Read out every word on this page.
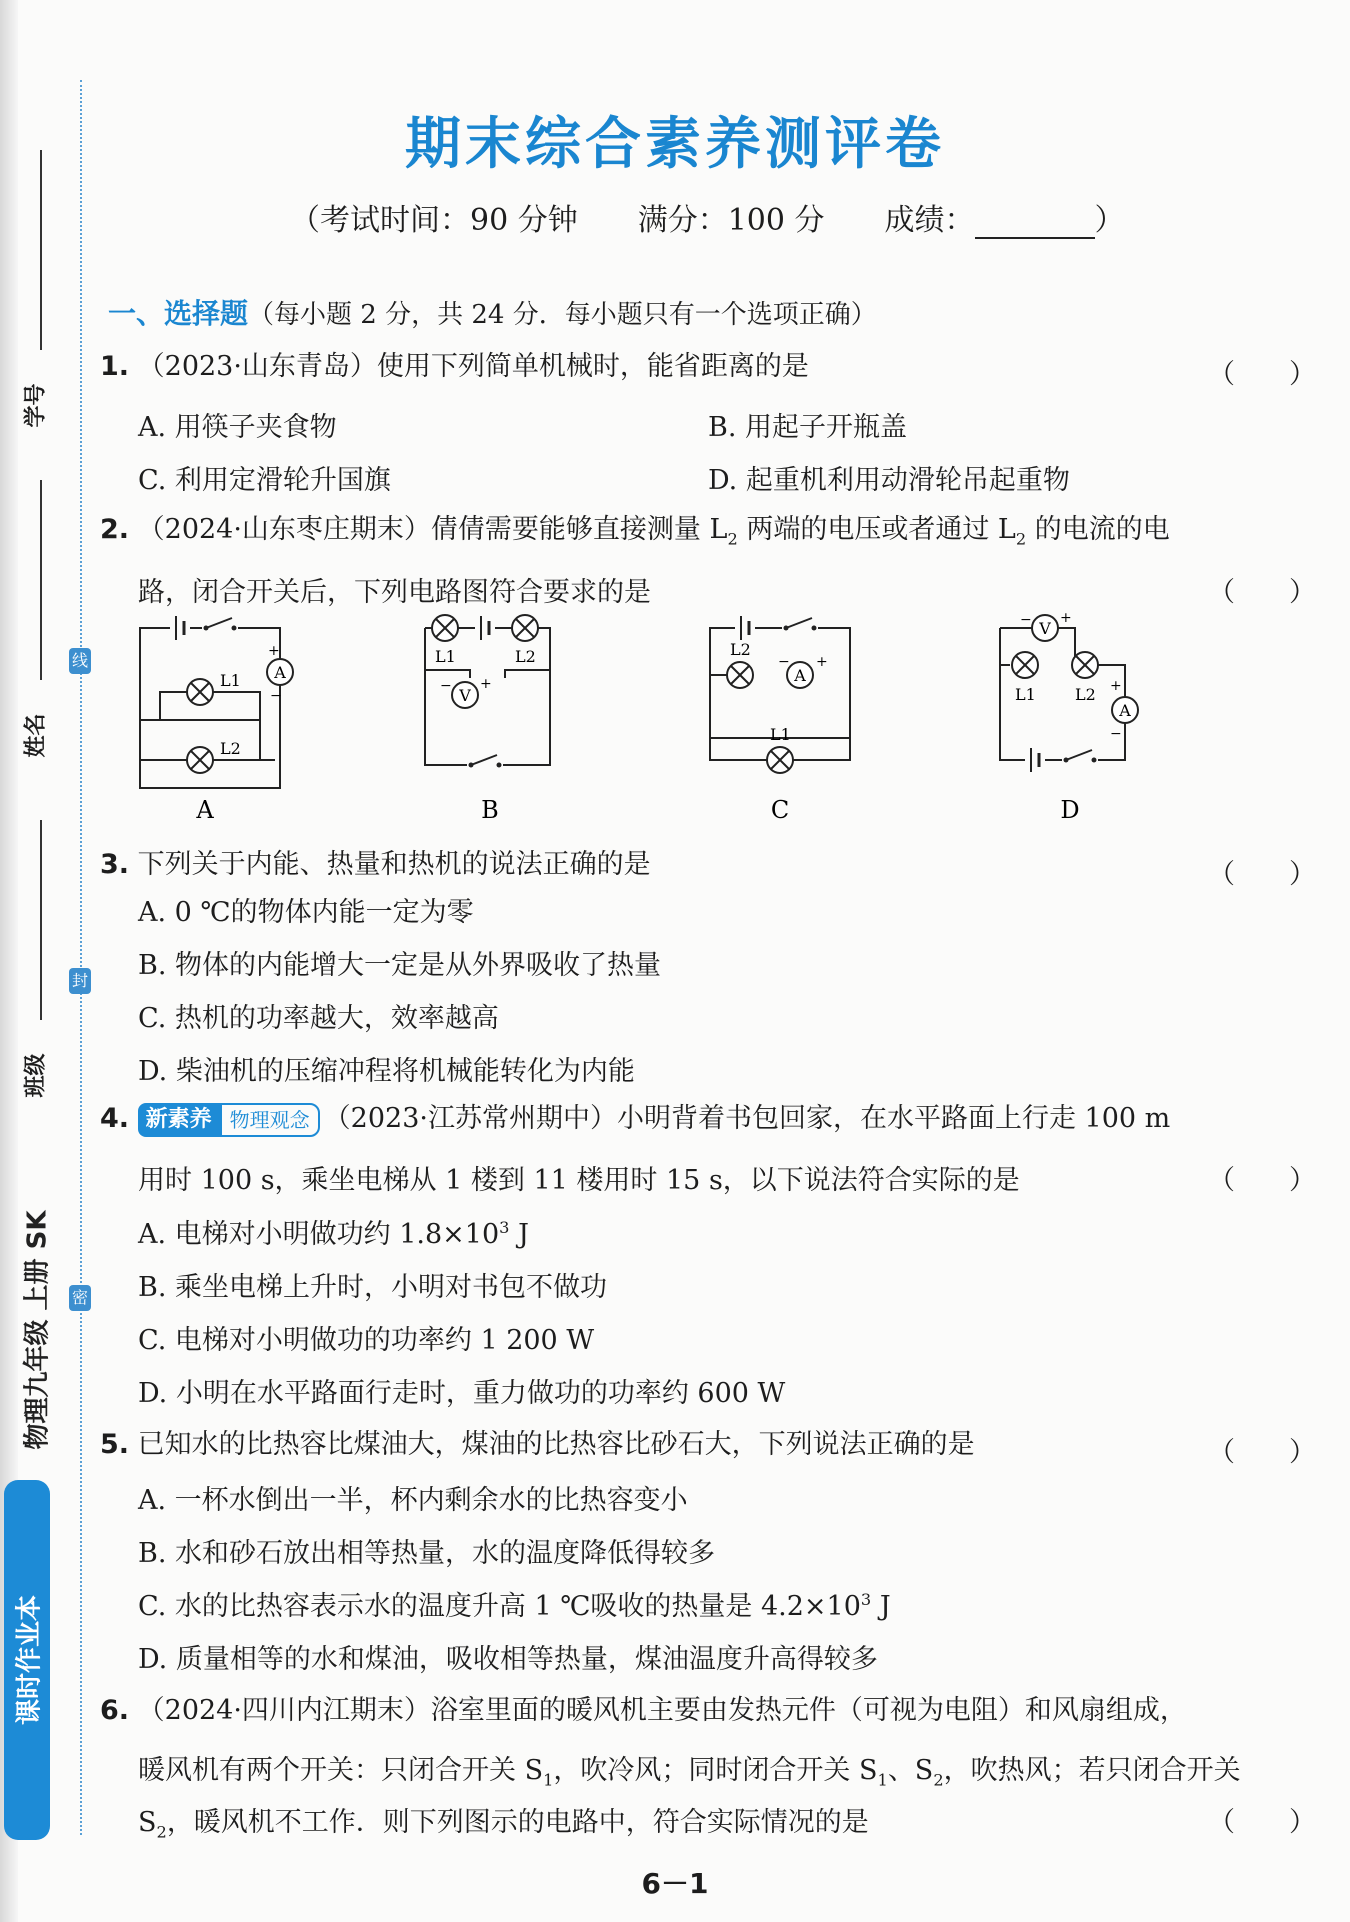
线
封
密
学号
姓名
班级
物理九年级 上册 SK
课时作业本
期末综合素养测评卷
（考试时间：90 分钟　　 满分：100 分　　 成绩：	）
一、选择题（每小题 2 分，共 24 分．每小题只有一个选项正确）
1. （2023·山东青岛）使用下列简单机械时，能省距离的是	（　　）
A. 用筷子夹食物	B. 用起子开瓶盖
C. 利用定滑轮升国旗	D. 起重机利用动滑轮吊起重物
2. （2024·山东枣庄期末）倩倩需要能够直接测量 $L_2$ 两端的电压或者通过 $L_2$ 的电流的电
路，闭合开关后，下列电路图符合要求的是	（　　）
A
L1
L2
+
−
A
V
L1	L2
− +
B
A
L2
L1
− +
C
V
A
L1 L2
− +
+
−
D
3. 下列关于内能、热量和热机的说法正确的是	（　　）
A. 0 ℃的物体内能一定为零
B. 物体的内能增大一定是从外界吸收了热量
C. 热机的功率越大，效率越高
D. 柴油机的压缩冲程将机械能转化为内能
4. 新素养 物理观念 （2023·江苏常州期中）小明背着书包回家，在水平路面上行走 100 m
用时 100 s，乘坐电梯从 1 楼到 11 楼用时 15 s，以下说法符合实际的是	（　　）
A. 电梯对小明做功约 $1.8\times 10^3$ J
B. 乘坐电梯上升时，小明对书包不做功
C. 电梯对小明做功的功率约 1 200 W
D. 小明在水平路面行走时，重力做功的功率约 600 W
5. 已知水的比热容比煤油大，煤油的比热容比砂石大，下列说法正确的是	（　　）
A. 一杯水倒出一半，杯内剩余水的比热容变小
B. 水和砂石放出相等热量，水的温度降低得较多
C. 水的比热容表示水的温度升高 1 ℃吸收的热量是 $4.2\times 10^3$ J
D. 质量相等的水和煤油，吸收相等热量，煤油温度升高得较多
6. （2024·四川内江期末）浴室里面的暖风机主要由发热元件（可视为电阻）和风扇组成，
暖风机有两个开关：只闭合开关 $S_1$，吹冷风；同时闭合开关 $S_1$、$S_2$，吹热风；若只闭合开关
$S_2$，暖风机不工作．则下列图示的电路中，符合实际情况的是	（　　）
6－1
